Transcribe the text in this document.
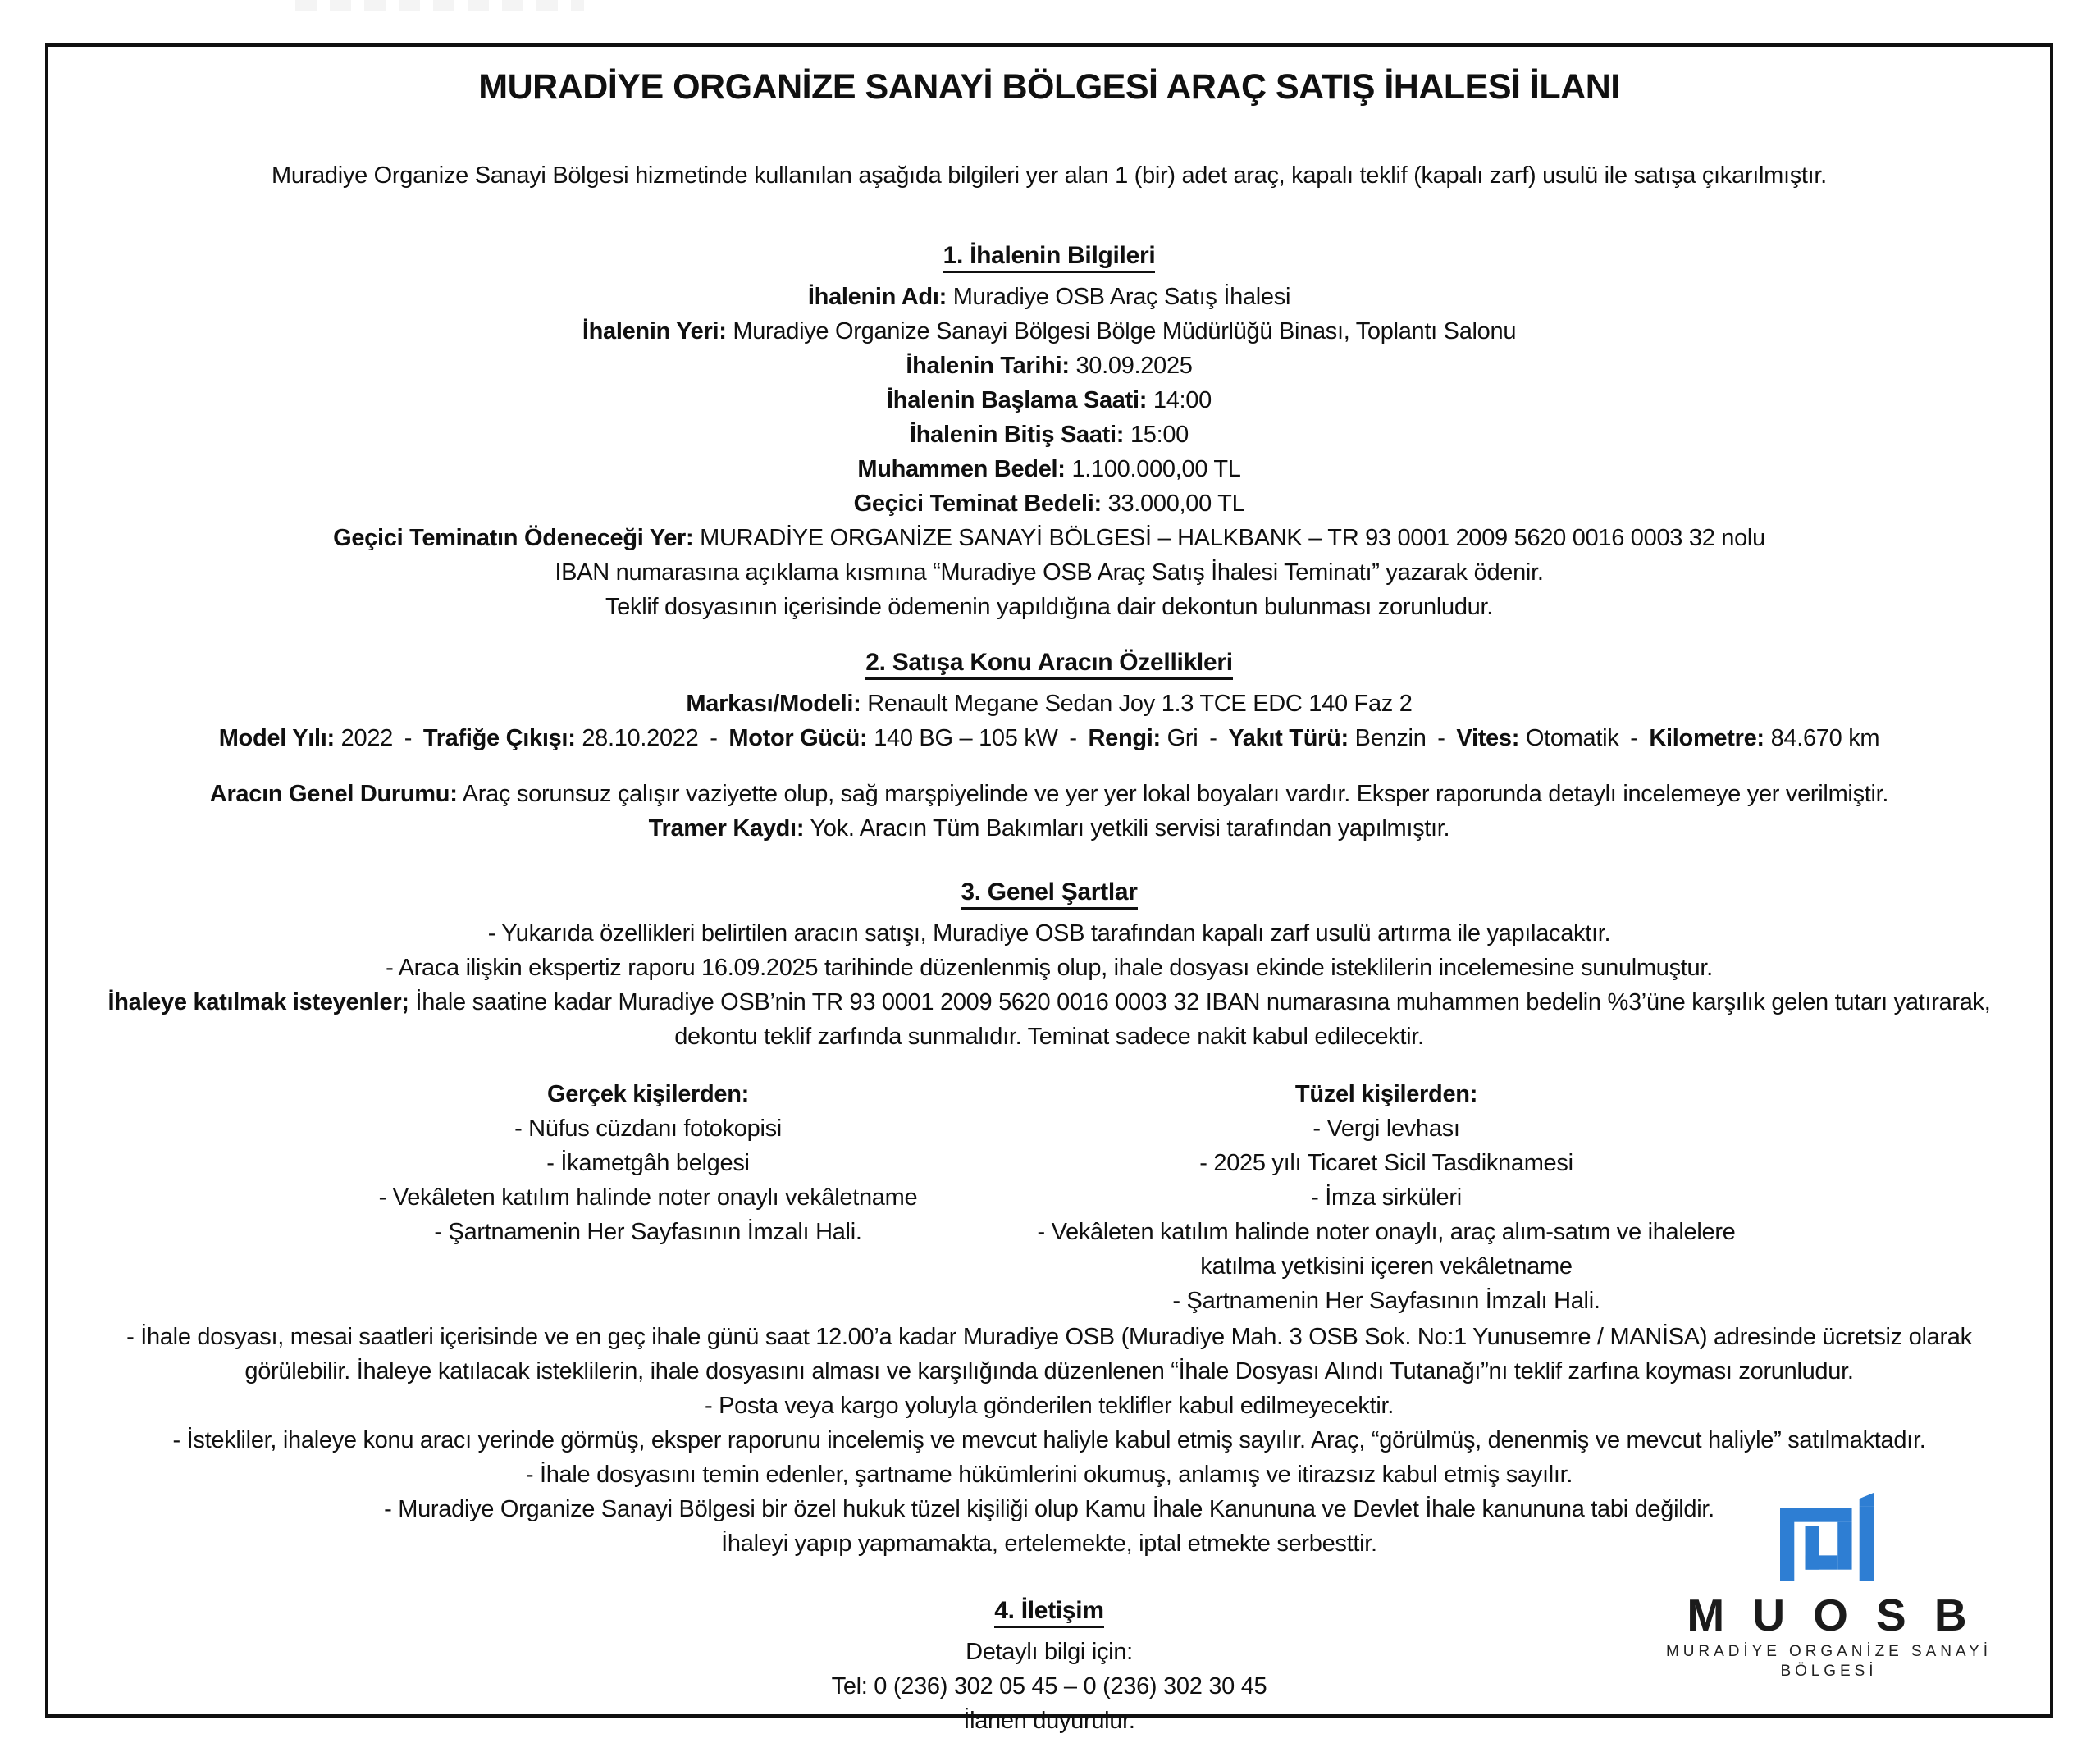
MURADİYE ORGANİZE SANAYİ BÖLGESİ ARAÇ SATIŞ İHALESİ İLANI

Muradiye Organize Sanayi Bölgesi hizmetinde kullanılan aşağıda bilgileri yer alan 1 (bir) adet araç, kapalı teklif (kapalı zarf) usulü ile satışa çıkarılmıştır.

1. İhalenin Bilgileri

İhalenin Adı: Muradiye OSB Araç Satış İhalesi

İhalenin Yeri: Muradiye Organize Sanayi Bölgesi Bölge Müdürlüğü Binası, Toplantı Salonu

İhalenin Tarihi: 30.09.2025

İhalenin Başlama Saati: 14:00

İhalenin Bitiş Saati: 15:00

Muhammen Bedel: 1.100.000,00 TL

Geçici Teminat Bedeli: 33.000,00 TL

Geçici Teminatın Ödeneceği Yer: MURADİYE ORGANİZE SANAYİ BÖLGESİ – HALKBANK – TR 93 0001 2009 5620 0016 0003 32 nolu

IBAN numarasına açıklama kısmına “Muradiye OSB Araç Satış İhalesi Teminatı” yazarak ödenir.

Teklif dosyasının içerisinde ödemenin yapıldığına dair dekontun bulunması zorunludur.

2. Satışa Konu Aracın Özellikleri

Markası/Modeli: Renault Megane Sedan Joy 1.3 TCE EDC 140 Faz 2

Model Yılı: 2022 - Trafiğe Çıkışı: 28.10.2022 - Motor Gücü: 140 BG – 105 kW - Rengi: Gri - Yakıt Türü: Benzin - Vites: Otomatik - Kilometre: 84.670 km

Aracın Genel Durumu: Araç sorunsuz çalışır vaziyette olup, sağ marşpiyelinde ve yer yer lokal boyaları vardır. Eksper raporunda detaylı incelemeye yer verilmiştir.

Tramer Kaydı: Yok. Aracın Tüm Bakımları yetkili servisi tarafından yapılmıştır.

3. Genel Şartlar

- Yukarıda özellikleri belirtilen aracın satışı, Muradiye OSB tarafından kapalı zarf usulü artırma ile yapılacaktır.

- Araca ilişkin ekspertiz raporu 16.09.2025 tarihinde düzenlenmiş olup, ihale dosyası ekinde isteklilerin incelemesine sunulmuştur.

İhaleye katılmak isteyenler; İhale saatine kadar Muradiye OSB’nin TR 93 0001 2009 5620 0016 0003 32 IBAN numarasına muhammen bedelin %3’üne karşılık gelen tutarı yatırarak, dekontu teklif zarfında sunmalıdır. Teminat sadece nakit kabul edilecektir.

Gerçek kişilerden:

- Nüfus cüzdanı fotokopisi

- İkametgâh belgesi

- Vekâleten katılım halinde noter onaylı vekâletname

- Şartnamenin Her Sayfasının İmzalı Hali.

Tüzel kişilerden:

- Vergi levhası

- 2025 yılı Ticaret Sicil Tasdiknamesi

- İmza sirküleri

- Vekâleten katılım halinde noter onaylı, araç alım-satım ve ihalelere katılma yetkisini içeren vekâletname

- Şartnamenin Her Sayfasının İmzalı Hali.

- İhale dosyası, mesai saatleri içerisinde ve en geç ihale günü saat 12.00’a kadar Muradiye OSB (Muradiye Mah. 3 OSB Sok. No:1 Yunusemre / MANİSA) adresinde ücretsiz olarak görülebilir. İhaleye katılacak isteklilerin, ihale dosyasını alması ve karşılığında düzenlenen “İhale Dosyası Alındı Tutanağı”nı teklif zarfına koyması zorunludur.

- Posta veya kargo yoluyla gönderilen teklifler kabul edilmeyecektir.

- İstekliler, ihaleye konu aracı yerinde görmüş, eksper raporunu incelemiş ve mevcut haliyle kabul etmiş sayılır. Araç, “görülmüş, denenmiş ve mevcut haliyle” satılmaktadır.

- İhale dosyasını temin edenler, şartname hükümlerini okumuş, anlamış ve itirazsız kabul etmiş sayılır.

- Muradiye Organize Sanayi Bölgesi bir özel hukuk tüzel kişiliği olup Kamu İhale Kanununa ve Devlet İhale kanununa tabi değildir.

İhaleyi yapıp yapmamakta, ertelemekte, iptal etmekte serbesttir.

4. İletişim

Detaylı bilgi için:

Tel: 0 (236) 302 05 45 – 0 (236) 302 30 45

İlanen duyurulur.

MUOSB
MURADİYE ORGANİZE SANAYİ BÖLGESİ
